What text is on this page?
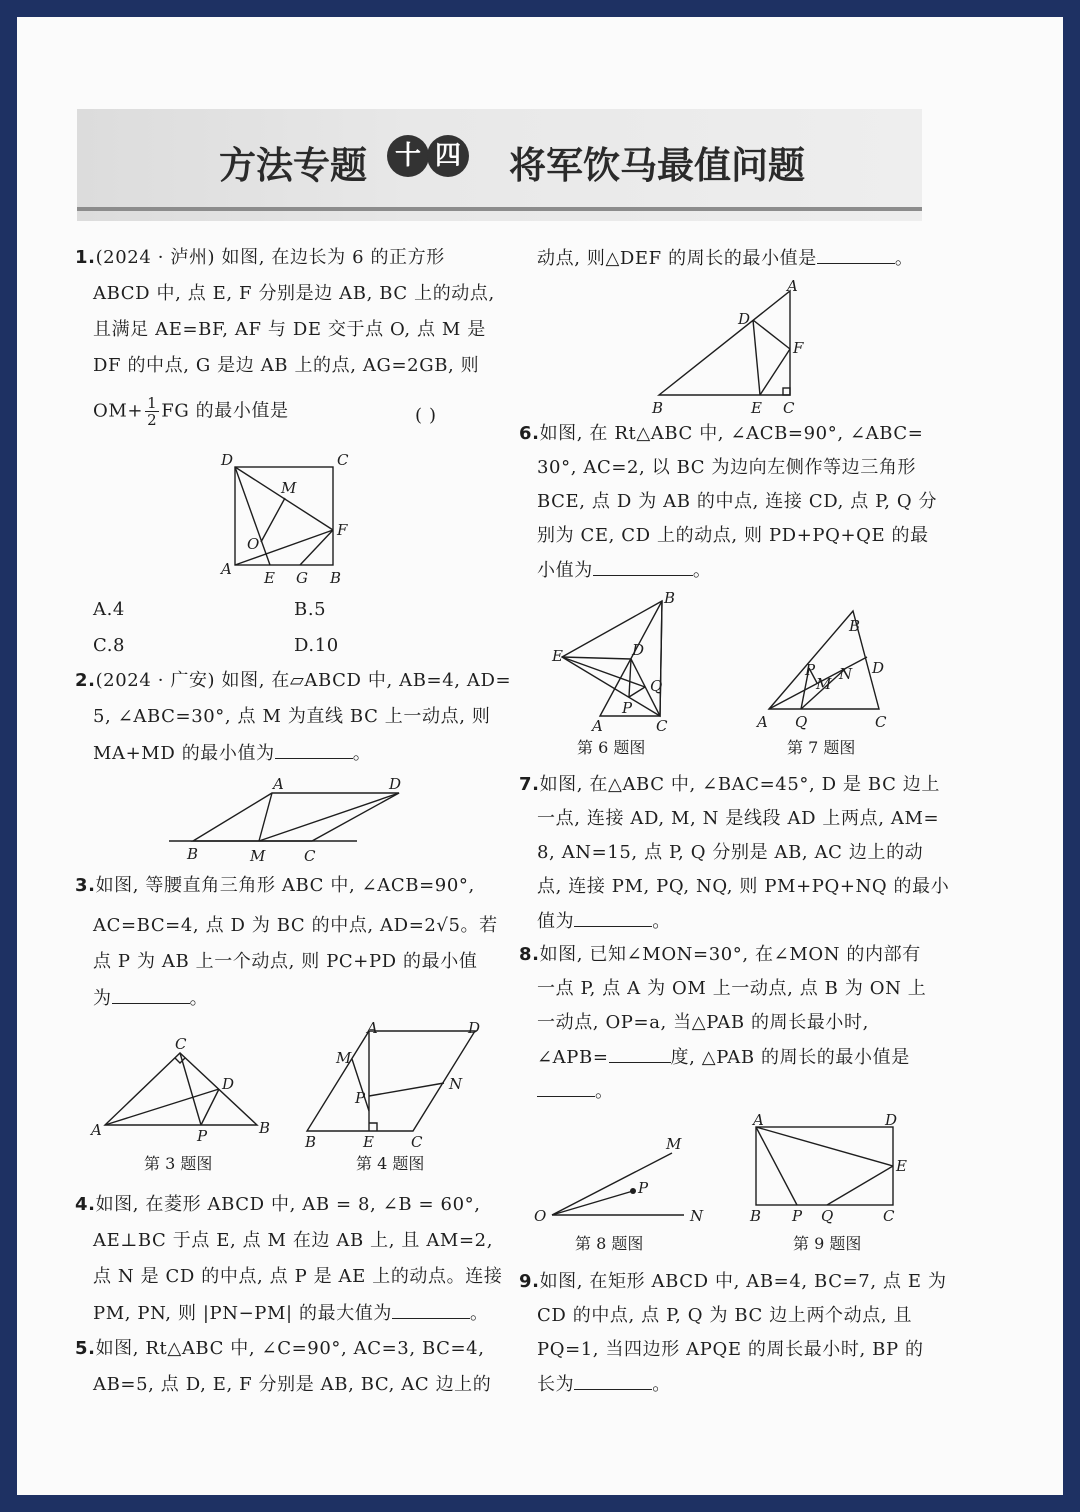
方法专题	十 四 将军饮马最值问题
1.(2024 · 泸州) 如图, 在边长为 6 的正方形
ABCD 中, 点 E, F 分别是边 AB, BC 上的动点,
且满足 AE=BF, AF 与 DE 交于点 O, 点 M 是
DF 的中点, G 是边 AB 上的点, AG=2GB, 则
$OM+ \frac{1}{2}$ FG 的最小值是	( )
D	C
M
F
O
A E G B
A.4	B.5
C.8	D.10
2.(2024 · 广安) 如图, 在▱ABCD 中, AB=4, AD=
5, ∠ABC=30°, 点 M 为直线 BC 上一动点, 则
MA+MD 的最小值为	。
A	D
B	M	C
3.如图, 等腰直角三角形 ABC 中, ∠ACB=90°,
AC=BC=4, 点 D 为 BC 的中点, AD=2√5。若
点 P 为 AB 上一个动点, 则 PC+PD 的最小值
为	。
C
D
A	P	B
第 3 题图
A	D
M
N
P
B	E C
第 4 题图
4.如图, 在菱形 ABCD 中, AB = 8, ∠B = 60°,
AE⊥BC 于点 E, 点 M 在边 AB 上, 且 AM=2,
点 N 是 CD 的中点, 点 P 是 AE 上的动点。连接
PM, PN, 则 |PN−PM| 的最大值为	。
5.如图, Rt△ABC 中, ∠C=90°, AC=3, BC=4,
AB=5, 点 D, E, F 分别是 AB, BC, AC 边上的
动点, 则△DEF 的周长的最小值是	。
A
D
F
B	E C
6.如图, 在 Rt△ABC 中, ∠ACB=90°, ∠ABC=
30°, AC=2, 以 BC 为边向左侧作等边三角形
BCE, 点 D 为 AB 的中点, 连接 CD, 点 P, Q 分
别为 CE, CD 上的动点, 则 PD+PQ+QE 的最
小值为	。
B
E	D
Q
P
A	C
第 6 题图
B
P
M
N D
A Q	C
第 7 题图
7.如图, 在△ABC 中, ∠BAC=45°, D 是 BC 边上
一点, 连接 AD, M, N 是线段 AD 上两点, AM=
8, AN=15, 点 P, Q 分别是 AB, AC 边上的动
点, 连接 PM, PQ, NQ, 则 PM+PQ+NQ 的最小
值为	。
8.如图, 已知∠MON=30°, 在∠MON 的内部有
一点 P, 点 A 为 OM 上一动点, 点 B 为 ON 上
一动点, OP=a, 当△PAB 的周长最小时,
∠APB=	度, △PAB 的周长的最小值是
。
O
M
P
N
第 8 题图
A	D
E
B P Q	C
第 9 题图
9.如图, 在矩形 ABCD 中, AB=4, BC=7, 点 E 为
CD 的中点, 点 P, Q 为 BC 边上两个动点, 且
PQ=1, 当四边形 APQE 的周长最小时, BP 的
长为	。
